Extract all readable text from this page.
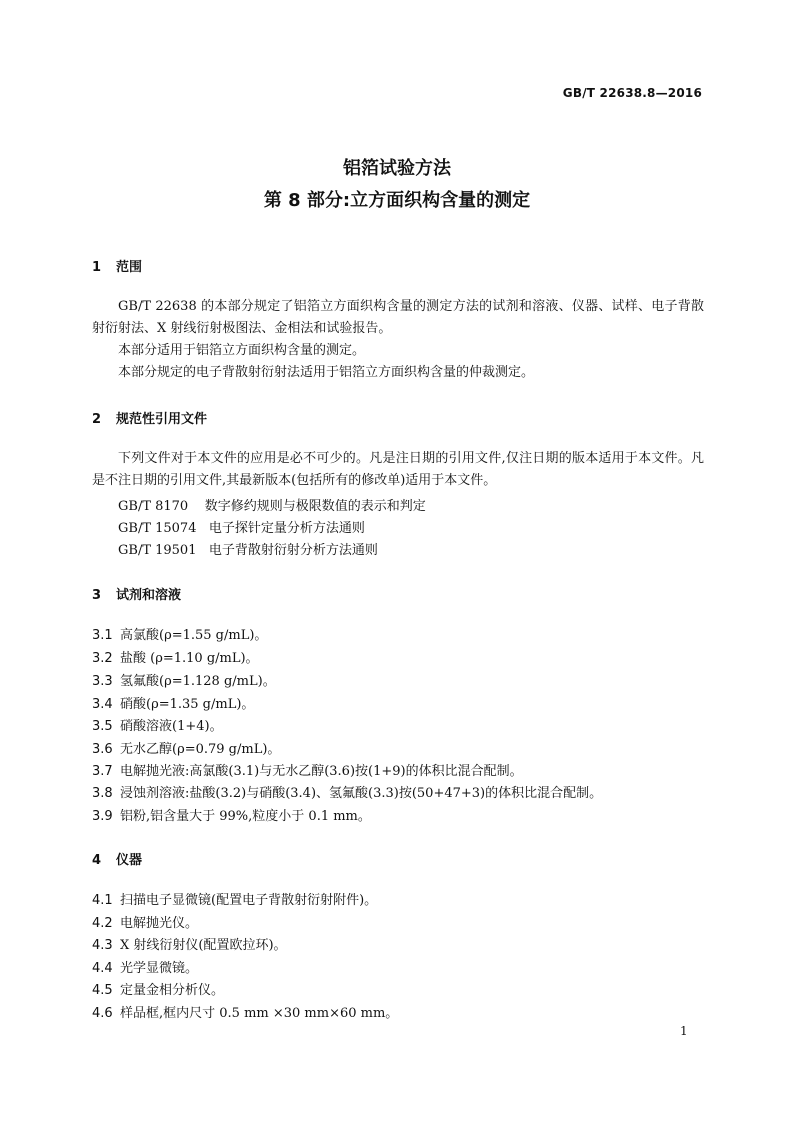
GB/T 22638.8—2016
铝箔试验方法
第 8 部分:立方面织构含量的测定
1 范围
GB/T 22638 的本部分规定了铝箔立方面织构含量的测定方法的试剂和溶液、仪器、试样、电子背散射衍射法、X 射线衍射极图法、金相法和试验报告。
本部分适用于铝箔立方面织构含量的测定。
本部分规定的电子背散射衍射法适用于铝箔立方面织构含量的仲裁测定。
2 规范性引用文件
下列文件对于本文件的应用是必不可少的。凡是注日期的引用文件,仅注日期的版本适用于本文件。凡是不注日期的引用文件,其最新版本(包括所有的修改单)适用于本文件。
GB/T 8170    数字修约规则与极限数值的表示和判定
GB/T 15074   电子探针定量分析方法通则
GB/T 19501   电子背散射衍射分析方法通则
3 试剂和溶液
3.1 高氯酸(ρ=1.55 g/mL)。
3.2 盐酸 (ρ=1.10 g/mL)。
3.3 氢氟酸(ρ=1.128 g/mL)。
3.4 硝酸(ρ=1.35 g/mL)。
3.5 硝酸溶液(1+4)。
3.6 无水乙醇(ρ=0.79 g/mL)。
3.7 电解抛光液:高氯酸(3.1)与无水乙醇(3.6)按(1+9)的体积比混合配制。
3.8 浸蚀剂溶液:盐酸(3.2)与硝酸(3.4)、氢氟酸(3.3)按(50+47+3)的体积比混合配制。
3.9 铝粉,铝含量大于 99%,粒度小于 0.1 mm。
4 仪器
4.1 扫描电子显微镜(配置电子背散射衍射附件)。
4.2 电解抛光仪。
4.3 X 射线衍射仪(配置欧拉环)。
4.4 光学显微镜。
4.5 定量金相分析仪。
4.6 样品框,框内尺寸 0.5 mm ×30 mm×60 mm。
1
